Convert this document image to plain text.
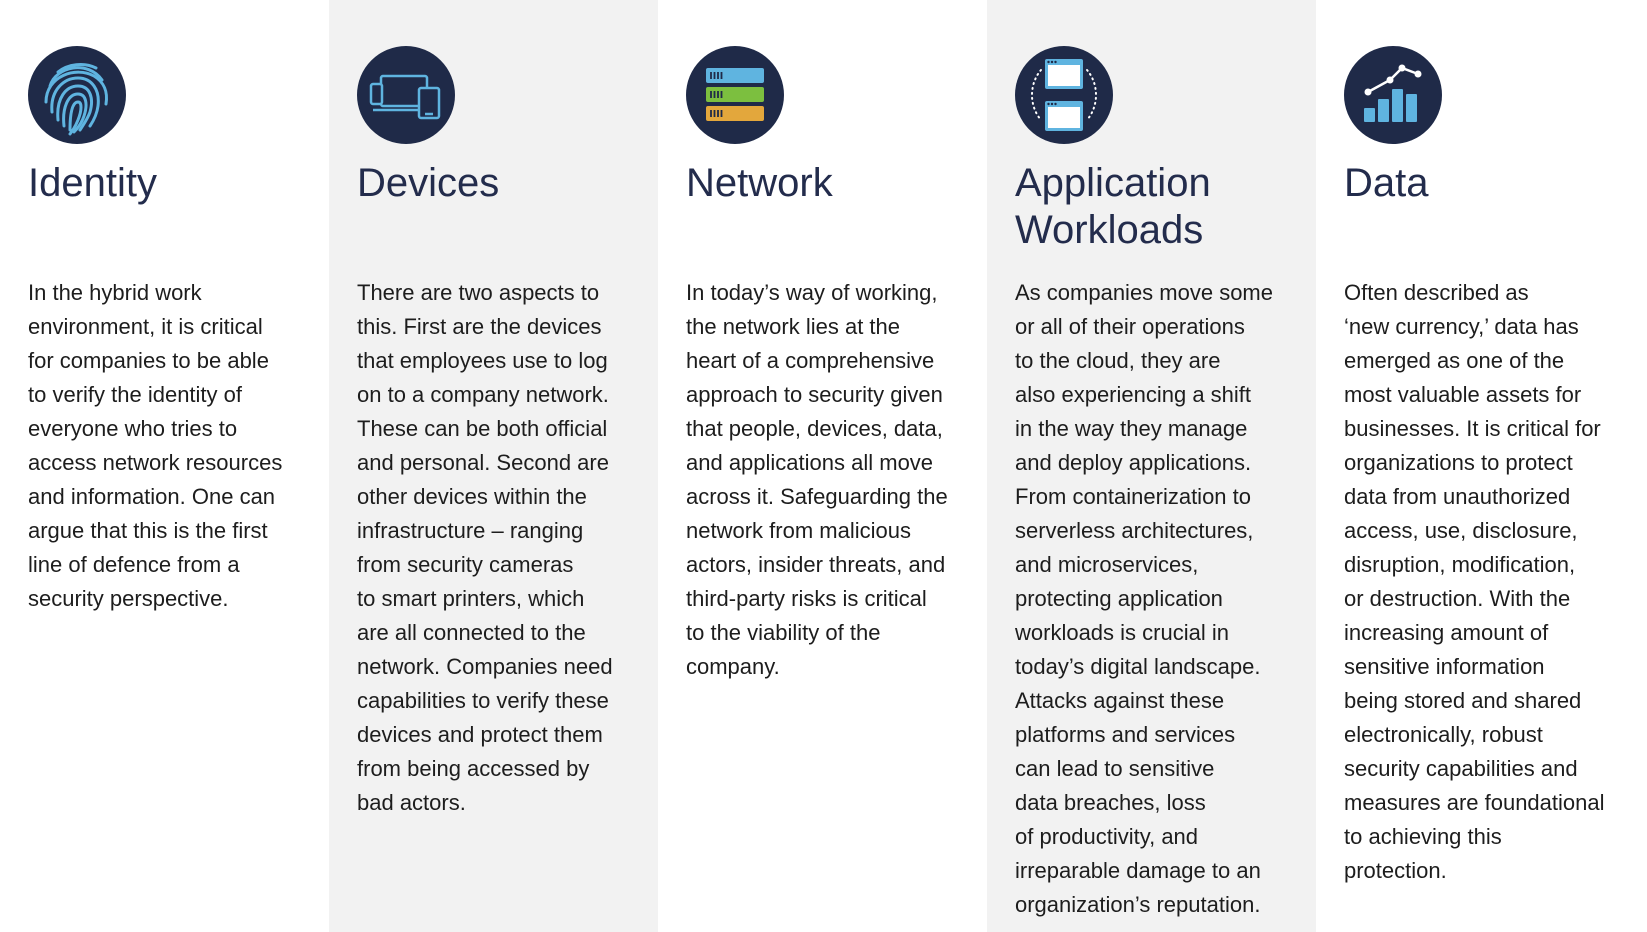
Identity

In the hybrid work
environment, it is critical
for companies to be able
to verify the identity of
everyone who tries to
access network resources
and information. One can
argue that this is the first
line of defence from a
security perspective.

Devices

There are two aspects to
this. First are the devices
that employees use to log
on to a company network.
These can be both official
and personal. Second are
other devices within the
infrastructure – ranging
from security cameras
to smart printers, which
are all connected to the
network. Companies need
capabilities to verify these
devices and protect them
from being accessed by
bad actors.

Network

In today’s way of working,
the network lies at the
heart of a comprehensive
approach to security given
that people, devices, data,
and applications all move
across it. Safeguarding the
network from malicious
actors, insider threats, and
third-party risks is critical
to the viability of the
company.

Application
Workloads

As companies move some
or all of their operations
to the cloud, they are
also experiencing a shift
in the way they manage
and deploy applications.
From containerization to
serverless architectures,
and microservices,
protecting application
workloads is crucial in
today’s digital landscape.
Attacks against these
platforms and services
can lead to sensitive
data breaches, loss
of productivity, and
irreparable damage to an
organization’s reputation.

Data

Often described as
‘new currency,’ data has
emerged as one of the
most valuable assets for
businesses. It is critical for
organizations to protect
data from unauthorized
access, use, disclosure,
disruption, modification,
or destruction. With the
increasing amount of
sensitive information
being stored and shared
electronically, robust
security capabilities and
measures are foundational
to achieving this
protection.
